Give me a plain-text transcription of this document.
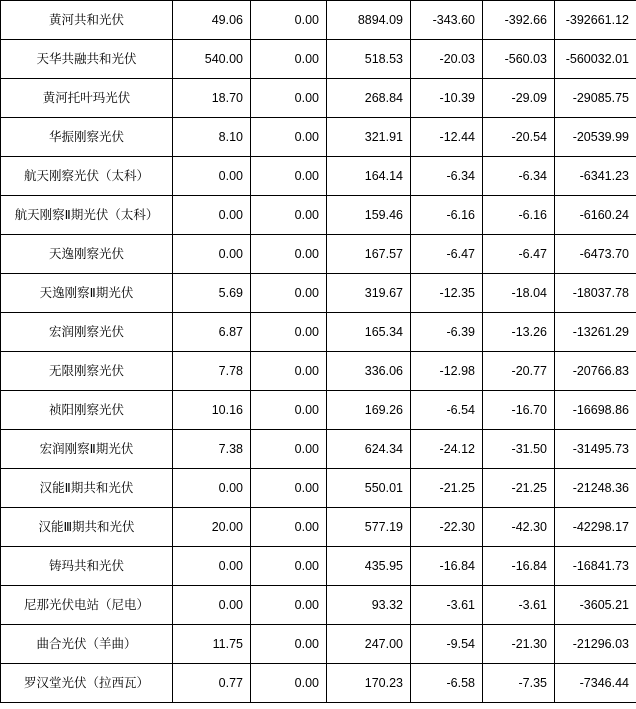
黄河共和光伏	49.06	0.00	8894.09	-343.60	-392.66	-392661.12
天华共融共和光伏	540.00	0.00	518.53	-20.03	-560.03	-560032.01
黄河托叶玛光伏	18.70	0.00	268.84	-10.39	-29.09	-29085.75
华振刚察光伏	8.10	0.00	321.91	-12.44	-20.54	-20539.99
航天刚察光伏（太科）	0.00	0.00	164.14	-6.34	-6.34	-6341.23
航天刚察Ⅱ期光伏（太科）	0.00	0.00	159.46	-6.16	-6.16	-6160.24
天逸刚察光伏	0.00	0.00	167.57	-6.47	-6.47	-6473.70
天逸刚察Ⅱ期光伏	5.69	0.00	319.67	-12.35	-18.04	-18037.78
宏润刚察光伏	6.87	0.00	165.34	-6.39	-13.26	-13261.29
无限刚察光伏	7.78	0.00	336.06	-12.98	-20.77	-20766.83
祯阳刚察光伏	10.16	0.00	169.26	-6.54	-16.70	-16698.86
宏润刚察Ⅱ期光伏	7.38	0.00	624.34	-24.12	-31.50	-31495.73
汉能Ⅱ期共和光伏	0.00	0.00	550.01	-21.25	-21.25	-21248.36
汉能Ⅲ期共和光伏	20.00	0.00	577.19	-22.30	-42.30	-42298.17
铸玛共和光伏	0.00	0.00	435.95	-16.84	-16.84	-16841.73
尼那光伏电站（尼电）	0.00	0.00	93.32	-3.61	-3.61	-3605.21
曲合光伏（羊曲）	11.75	0.00	247.00	-9.54	-21.30	-21296.03
罗汉堂光伏（拉西瓦）	0.77	0.00	170.23	-6.58	-7.35	-7346.44
